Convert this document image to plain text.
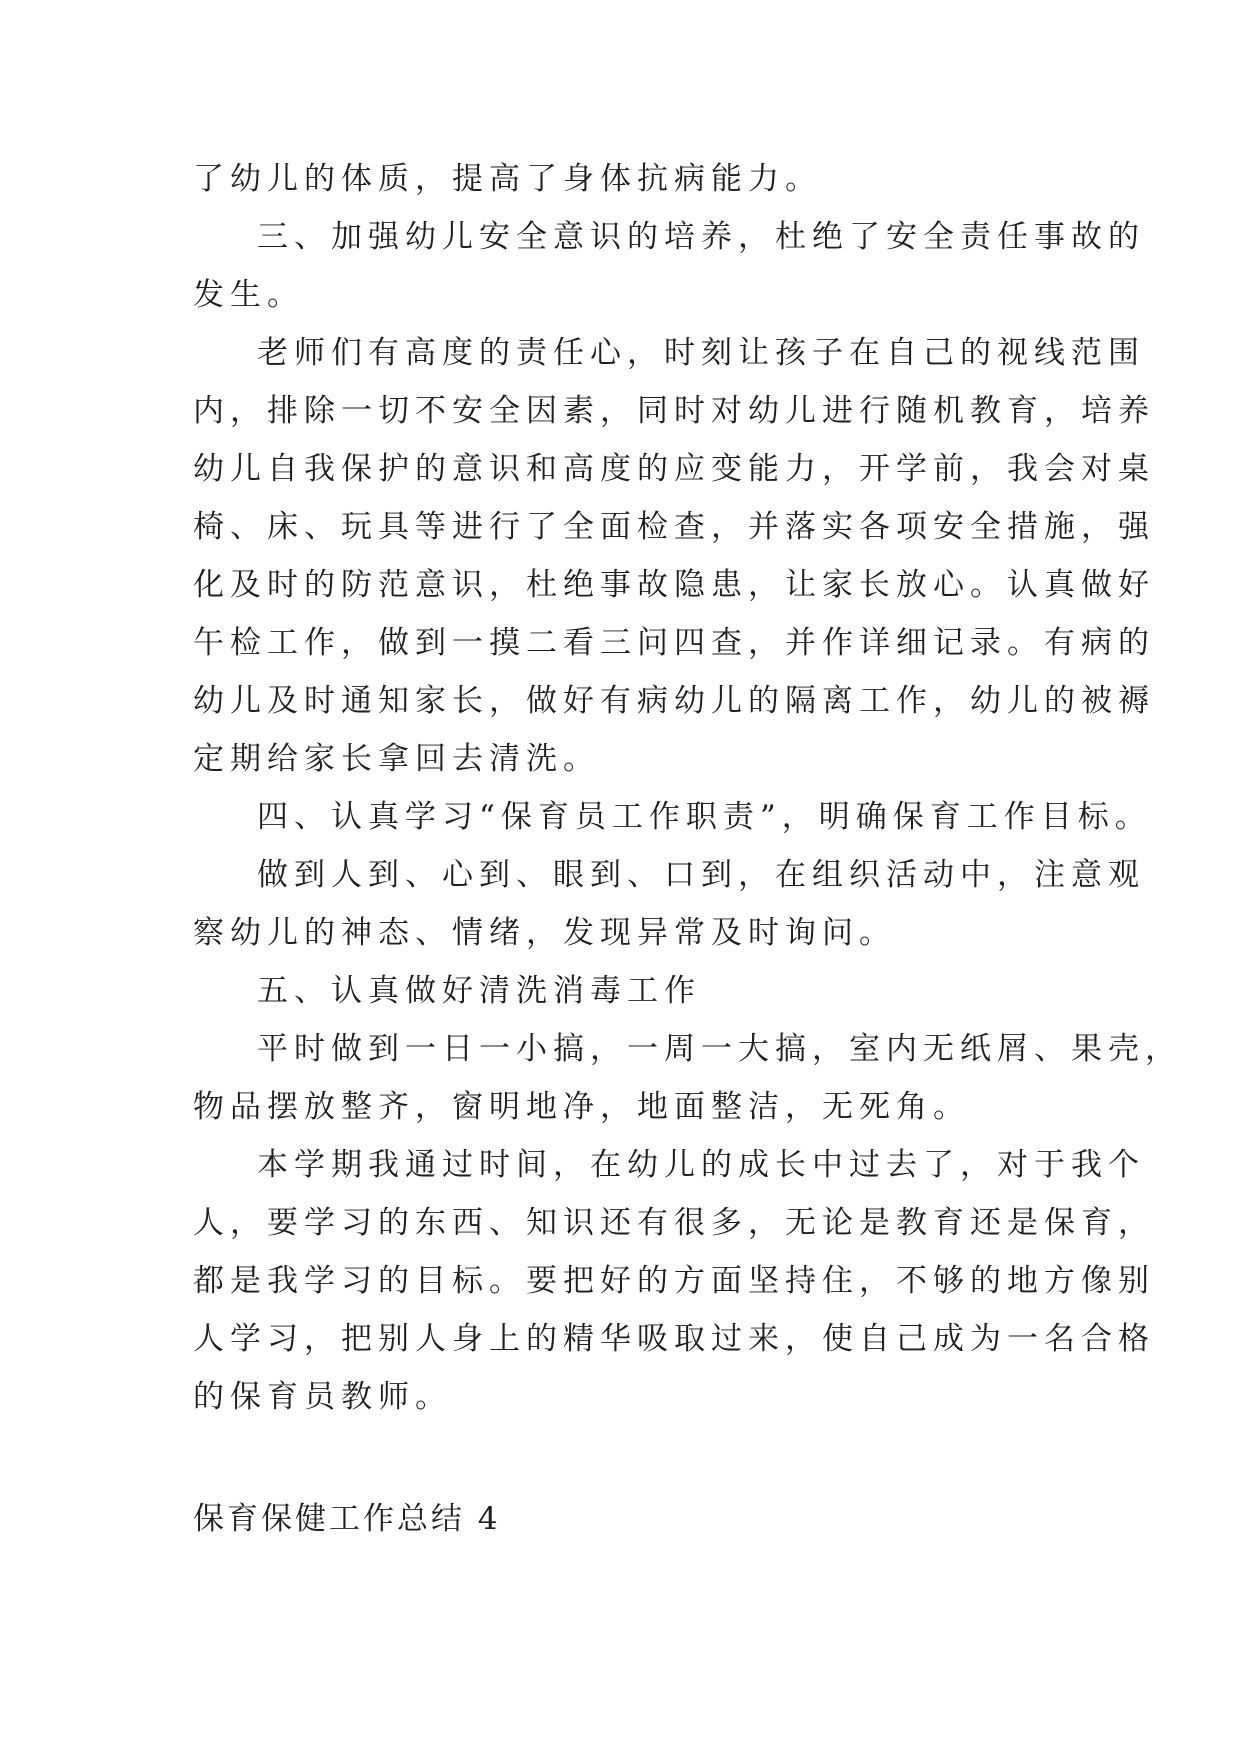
了幼儿的体质，提高了身体抗病能力。
三、加强幼儿安全意识的培养，杜绝了安全责任事故的
发生。
老师们有高度的责任心，时刻让孩子在自己的视线范围
内，排除一切不安全因素，同时对幼儿进行随机教育，培养
幼儿自我保护的意识和高度的应变能力，开学前，我会对桌
椅、床、玩具等进行了全面检查，并落实各项安全措施，强
化及时的防范意识，杜绝事故隐患，让家长放心。认真做好
午检工作，做到一摸二看三问四查，并作详细记录。有病的
幼儿及时通知家长，做好有病幼儿的隔离工作，幼儿的被褥
定期给家长拿回去清洗。
四、认真学习“保育员工作职责”，明确保育工作目标。
做到人到、心到、眼到、口到，在组织活动中，注意观
察幼儿的神态、情绪，发现异常及时询问。
五、认真做好清洗消毒工作
平时做到一日一小搞，一周一大搞，室内无纸屑、果壳，
物品摆放整齐，窗明地净，地面整洁，无死角。
本学期我通过时间，在幼儿的成长中过去了，对于我个
人，要学习的东西、知识还有很多，无论是教育还是保育，
都是我学习的目标。要把好的方面坚持住，不够的地方像别
人学习，把别人身上的精华吸取过来，使自己成为一名合格
的保育员教师。
保育保健工作总结 4
